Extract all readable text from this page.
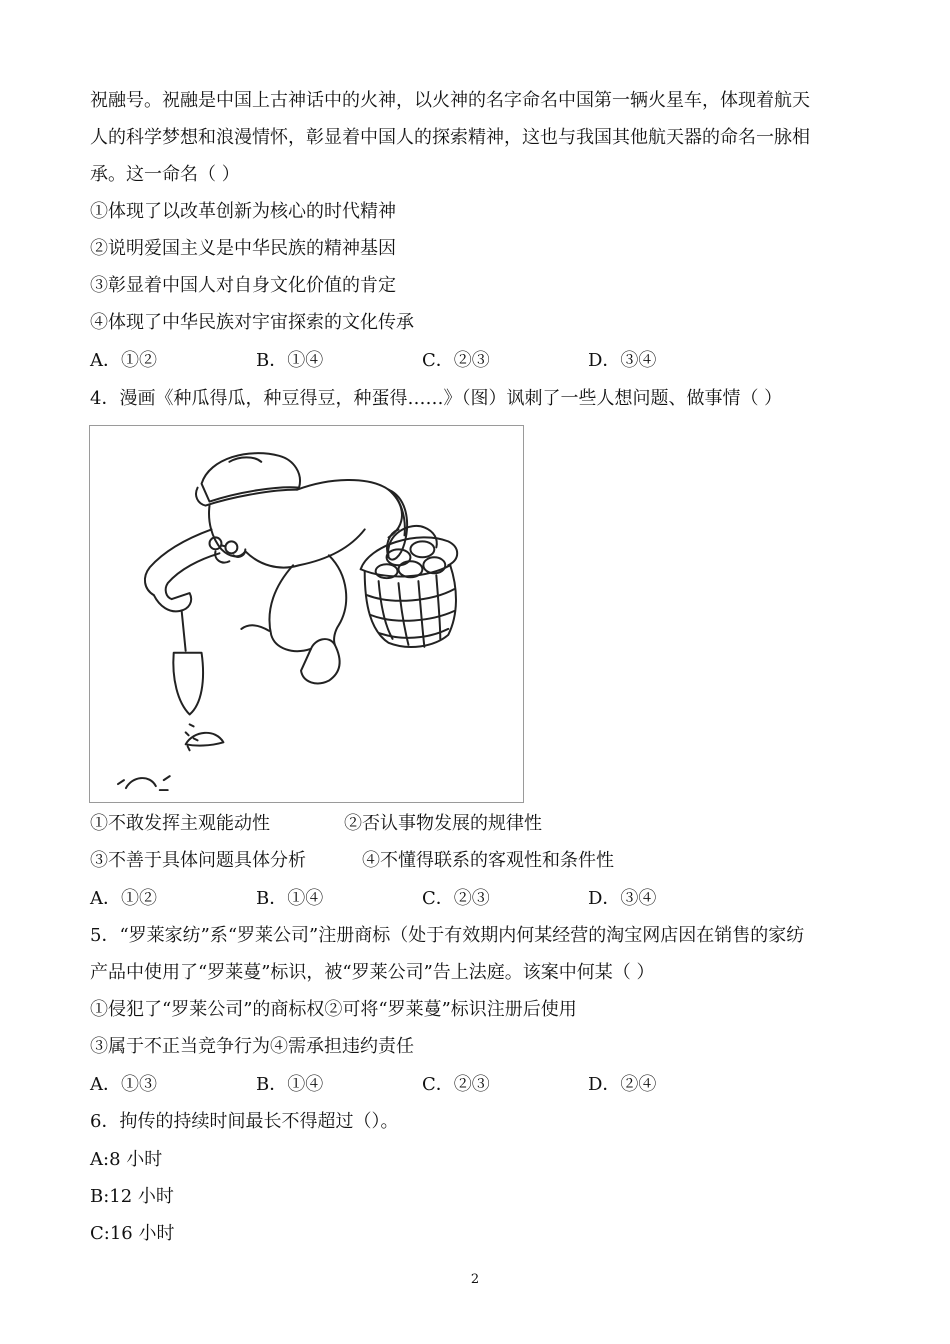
祝融号。祝融是中国上古神话中的火神，以火神的名字命名中国第一辆火星车，体现着航天
人的科学梦想和浪漫情怀，彰显着中国人的探索精神，这也与我国其他航天器的命名一脉相
承。这一命名（ ）
①体现了以改革创新为核心的时代精神
②说明爱国主义是中华民族的精神基因
③彰显着中国人对自身文化价值的肯定
④体现了中华民族对宇宙探索的文化传承
A．①②	B．①④	C．②③	D．③④
4．漫画《种瓜得瓜，种豆得豆，种蛋得……》（图）讽刺了一些人想问题、做事情（ ）
①不敢发挥主观能动性	②否认事物发展的规律性
③不善于具体问题具体分析	④不懂得联系的客观性和条件性
A．①②	B．①④	C．②③	D．③④
5．“罗莱家纺”系“罗莱公司”注册商标（处于有效期内何某经营的淘宝网店因在销售的家纺
产品中使用了“罗莱蔓”标识，被“罗莱公司”告上法庭。该案中何某（ ）
①侵犯了“罗莱公司”的商标权②可将“罗莱蔓”标识注册后使用
③属于不正当竞争行为④需承担违约责任
A．①③	B．①④	C．②③	D．②④
6．拘传的持续时间最长不得超过（）。
A:8 小时
B:12 小时
C:16 小时
2
